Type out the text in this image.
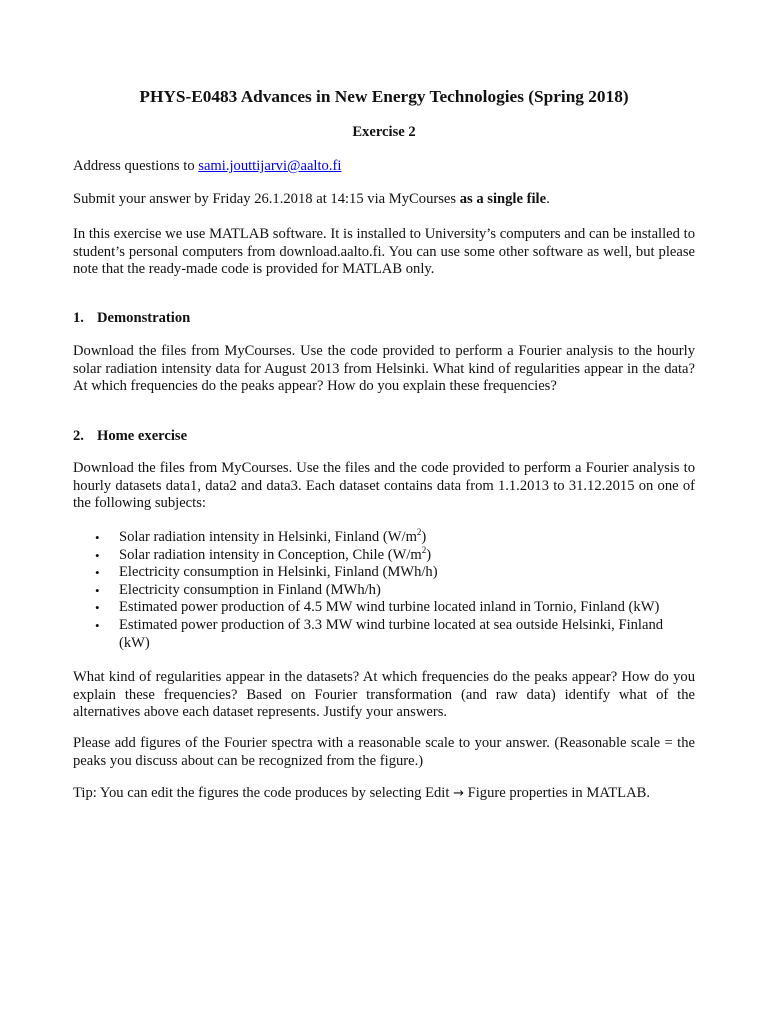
PHYS-E0483 Advances in New Energy Technologies (Spring 2018)
Exercise 2

Address questions to sami.jouttijarvi@aalto.fi

Submit your answer by Friday 26.1.2018 at 14:15 via MyCourses as a single file.

In this exercise we use MATLAB software. It is installed to University’s computers and can be installed to student’s personal computers from download.aalto.fi. You can use some other software as well, but please note that the ready-made code is provided for MATLAB only.

1. Demonstration

Download the files from MyCourses. Use the code provided to perform a Fourier analysis to the hourly solar radiation intensity data for August 2013 from Helsinki. What kind of regularities appear in the data? At which frequencies do the peaks appear? How do you explain these frequencies?

2. Home exercise

Download the files from MyCourses. Use the files and the code provided to perform a Fourier analysis to hourly datasets data1, data2 and data3. Each dataset contains data from 1.1.2013 to 31.12.2015 on one of the following subjects:

• Solar radiation intensity in Helsinki, Finland $(W/m^2)$
• Solar radiation intensity in Conception, Chile $(W/m^2)$
• Electricity consumption in Helsinki, Finland (MWh/h)
• Electricity consumption in Finland (MWh/h)
• Estimated power production of 4.5 MW wind turbine located inland in Tornio, Finland (kW)
• Estimated power production of 3.3 MW wind turbine located at sea outside Helsinki, Finland (kW)

What kind of regularities appear in the datasets? At which frequencies do the peaks appear? How do you explain these frequencies? Based on Fourier transformation (and raw data) identify what of the alternatives above each dataset represents. Justify your answers.

Please add figures of the Fourier spectra with a reasonable scale to your answer. (Reasonable scale = the peaks you discuss about can be recognized from the figure.)

Tip: You can edit the figures the code produces by selecting Edit → Figure properties in MATLAB.
